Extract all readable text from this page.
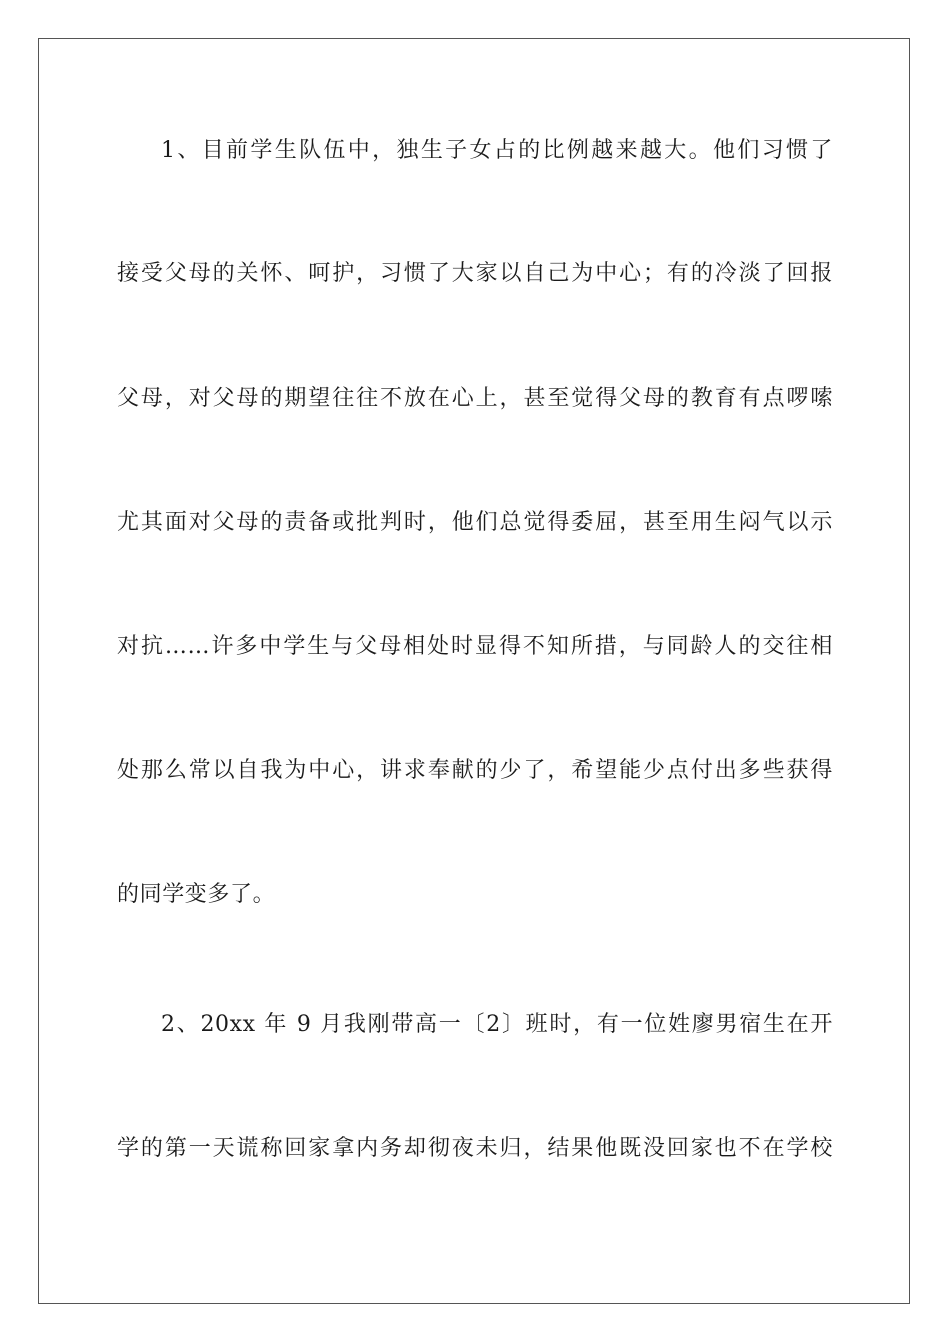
1、目前学生队伍中，独生子女占的比例越来越大。他们习惯了
接受父母的关怀、呵护，习惯了大家以自己为中心；有的冷淡了回报
父母，对父母的期望往往不放在心上，甚至觉得父母的教育有点啰嗦
尤其面对父母的责备或批判时，他们总觉得委屈，甚至用生闷气以示
对抗……许多中学生与父母相处时显得不知所措，与同龄人的交往相
处那么常以自我为中心，讲求奉献的少了，希望能少点付出多些获得
的同学变多了。
2、20xx 年 9 月我刚带高一〔2〕班时，有一位姓廖男宿生在开
学的第一天谎称回家拿内务却彻夜未归，结果他既没回家也不在学校
